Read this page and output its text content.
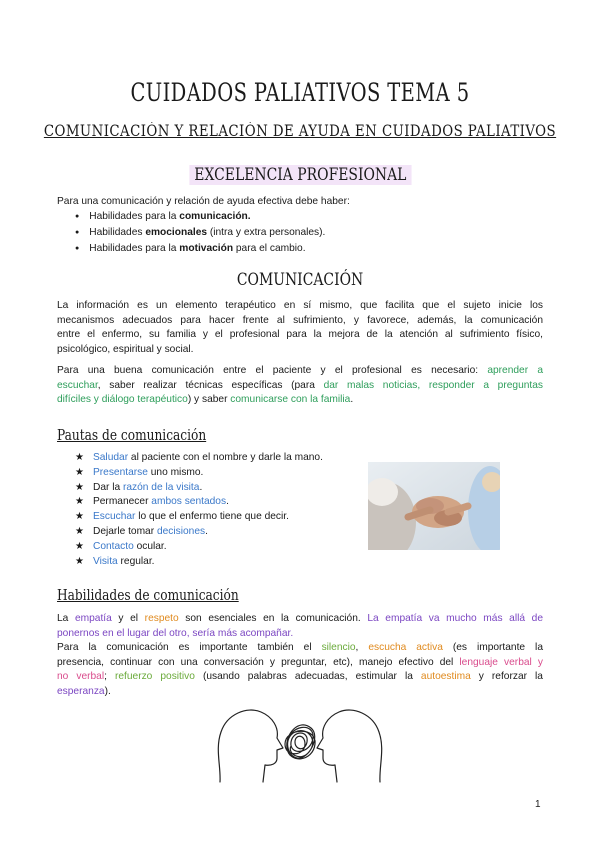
CUIDADOS PALIATIVOS TEMA 5
COMUNICACIÓN Y RELACIÓN DE AYUDA EN CUIDADOS PALIATIVOS
EXCELENCIA PROFESIONAL
Para una comunicación y relación de ayuda efectiva debe haber:
● Habilidades para la comunicación.
● Habilidades emocionales (intra y extra personales).
● Habilidades para la motivación para el cambio.
COMUNICACIÓN
La información es un elemento terapéutico en sí mismo, que facilita que el sujeto inicie los
mecanismos adecuados para hacer frente al sufrimiento, y favorece, además, la comunicación
entre el enfermo, su familia y el profesional para la mejora de la atención al sufrimiento físico,
psicológico, espiritual y social.
Para una buena comunicación entre el paciente y el profesional es necesario: aprender a
escuchar, saber realizar técnicas específicas (para dar malas noticias, responder a preguntas
difíciles y diálogo terapéutico) y saber comunicarse con la familia.
Pautas de comunicación
★ Saludar al paciente con el nombre y darle la mano.
★ Presentarse uno mismo.
★ Dar la razón de la visita.
★ Permanecer ambos sentados.
★ Escuchar lo que el enfermo tiene que decir.
★ Dejarle tomar decisiones.
★ Contacto ocular.
★ Visita regular.
Habilidades de comunicación
La empatía y el respeto son esenciales en la comunicación. La empatía va mucho más allá de
ponernos en el lugar del otro, sería más acompañar.
Para la comunicación es importante también el silencio, escucha activa (es importante la
presencia, continuar con una conversación y preguntar, etc), manejo efectivo del lenguaje verbal y
no verbal; refuerzo positivo (usando palabras adecuadas, estimular la autoestima y reforzar la
esperanza).
1
